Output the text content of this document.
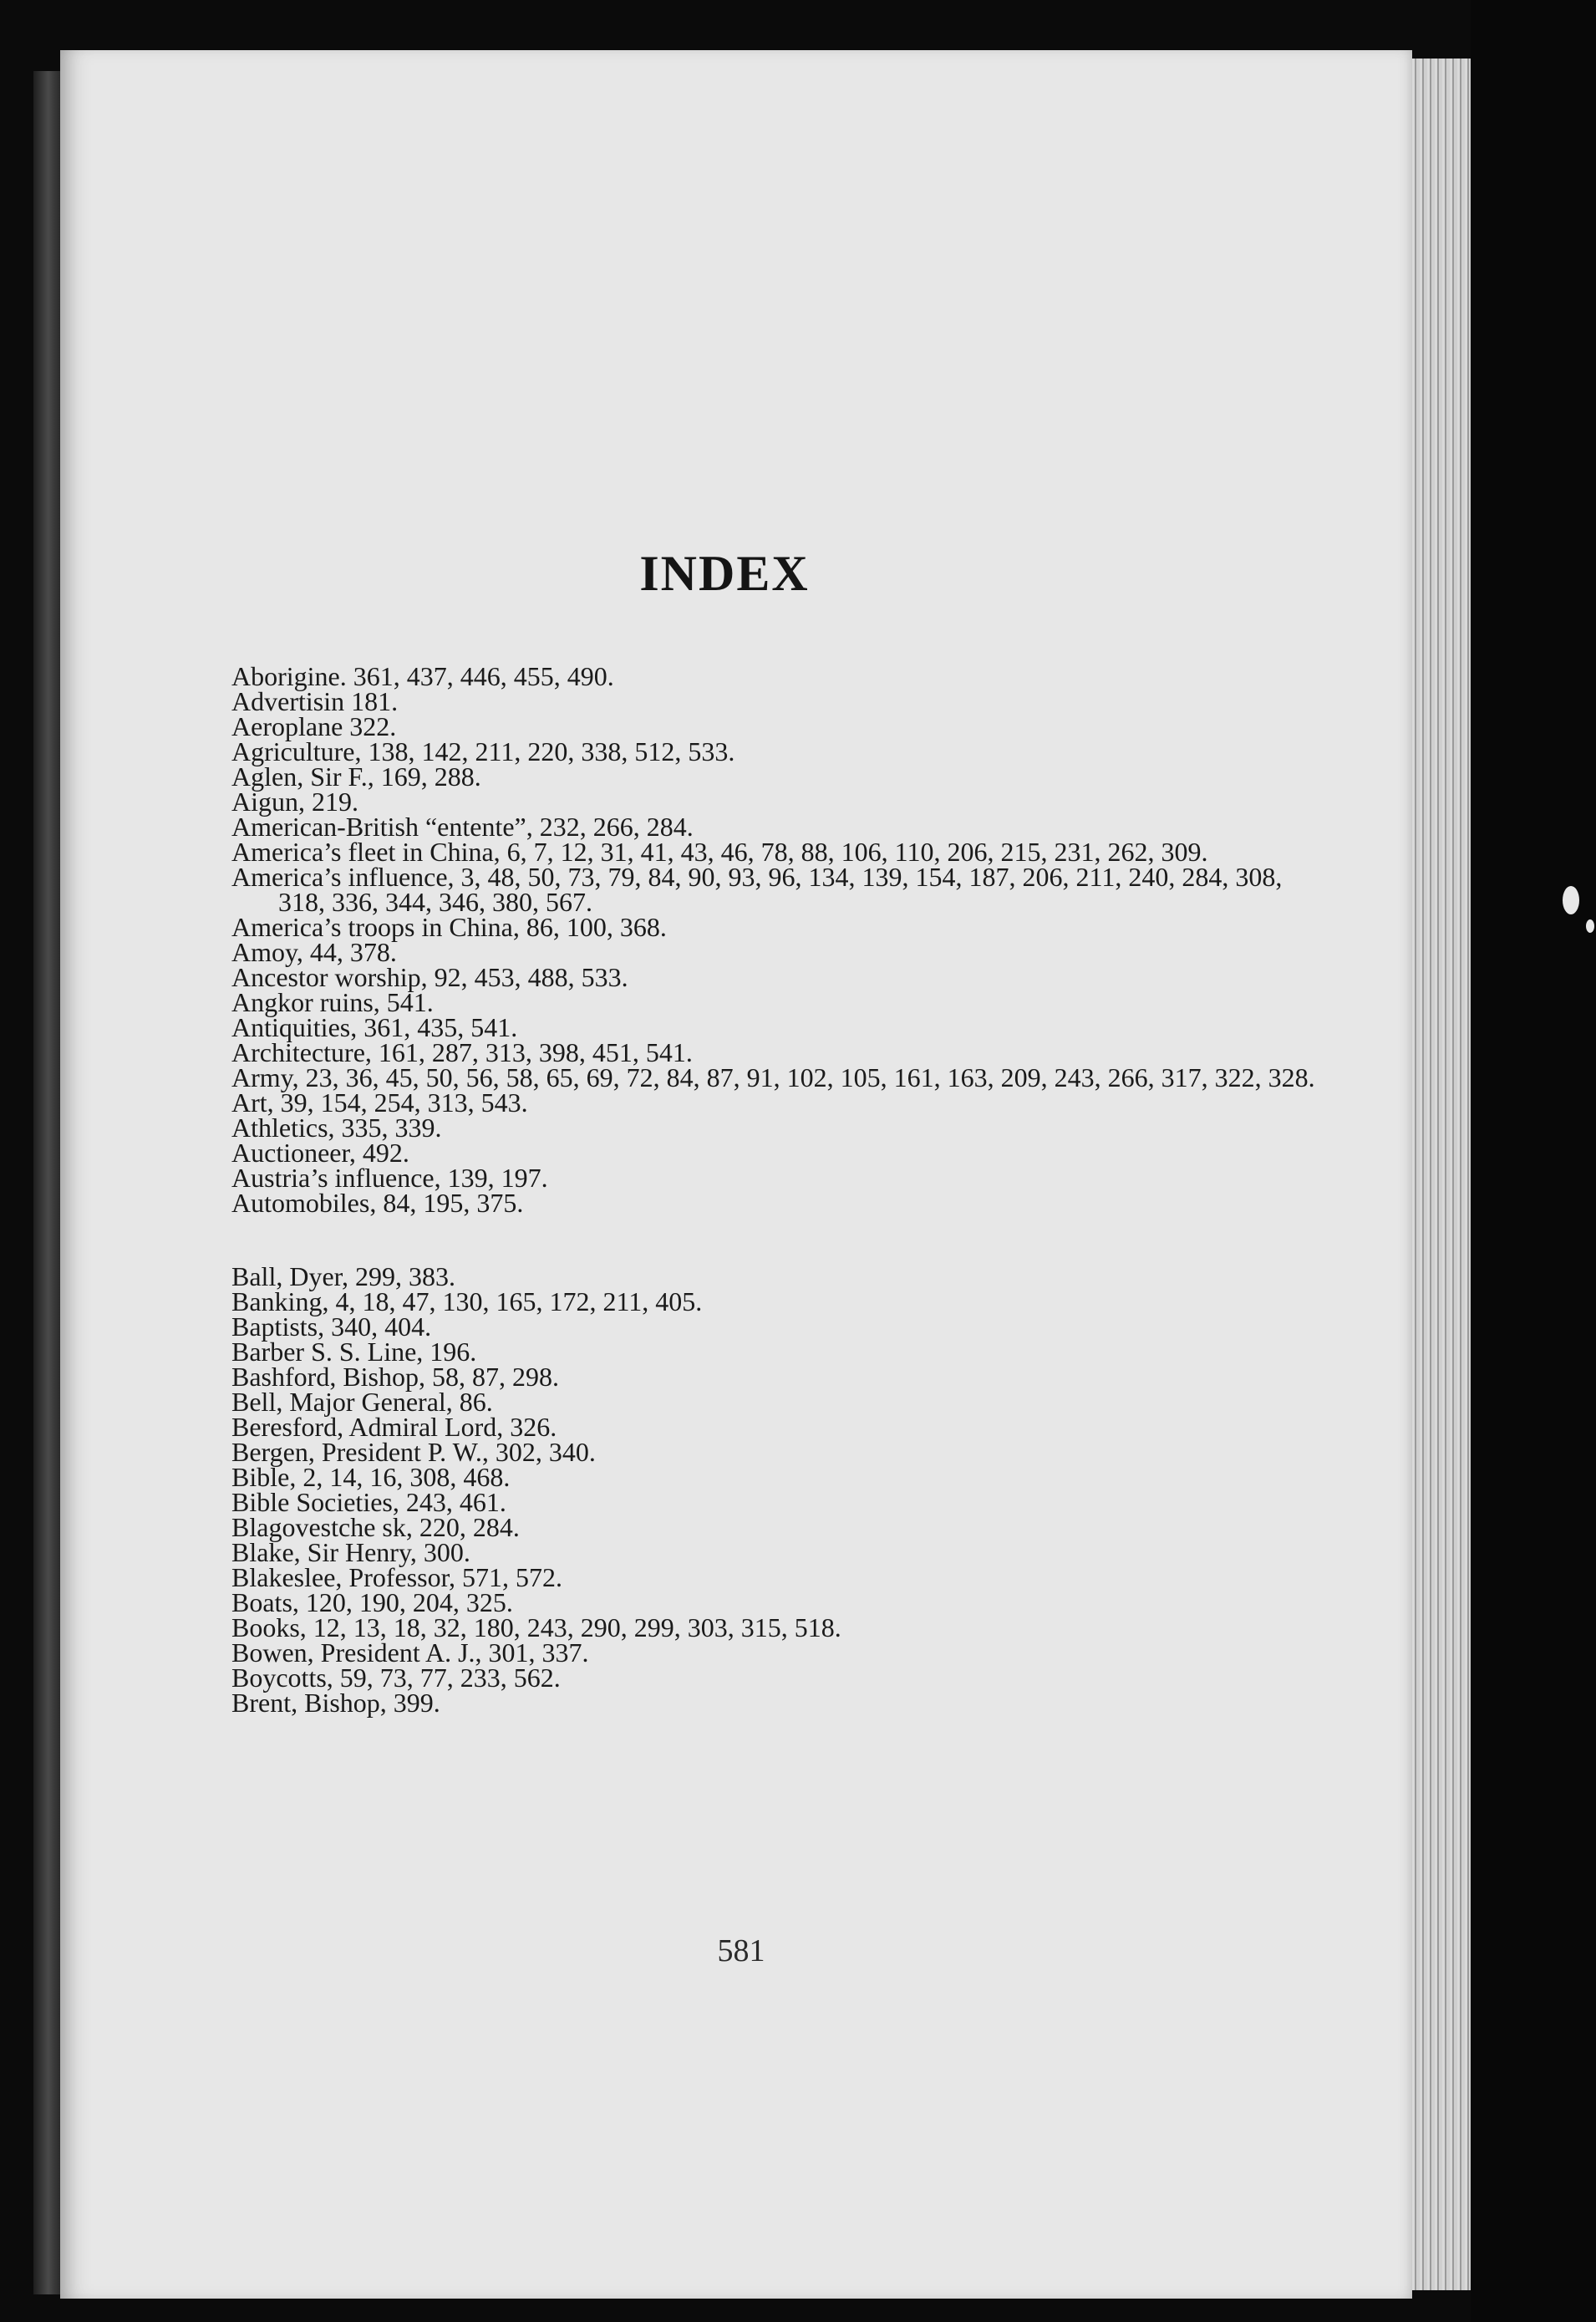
INDEX
Aborigine. 361, 437, 446, 455, 490.
Advertisin 181.
Aeroplane 322.
Agriculture, 138, 142, 211, 220, 338, 512, 533.
Aglen, Sir F., 169, 288.
Aigun, 219.
American-British “entente”, 232, 266, 284.
America’s fleet in China, 6, 7, 12, 31, 41, 43, 46, 78, 88, 106, 110, 206, 215, 231, 262, 309.
America’s influence, 3, 48, 50, 73, 79, 84, 90, 93, 96, 134, 139, 154, 187, 206, 211, 240, 284, 308, 318, 336, 344, 346, 380, 567.
America’s troops in China, 86, 100, 368.
Amoy, 44, 378.
Ancestor worship, 92, 453, 488, 533.
Angkor ruins, 541.
Antiquities, 361, 435, 541.
Architecture, 161, 287, 313, 398, 451, 541.
Army, 23, 36, 45, 50, 56, 58, 65, 69, 72, 84, 87, 91, 102, 105, 161, 163, 209, 243, 266, 317, 322, 328.
Art, 39, 154, 254, 313, 543.
Athletics, 335, 339.
Auctioneer, 492.
Austria’s influence, 139, 197.
Automobiles, 84, 195, 375.
Ball, Dyer, 299, 383.
Banking, 4, 18, 47, 130, 165, 172, 211, 405.
Baptists, 340, 404.
Barber S. S. Line, 196.
Bashford, Bishop, 58, 87, 298.
Bell, Major General, 86.
Beresford, Admiral Lord, 326.
Bergen, President P. W., 302, 340.
Bible, 2, 14, 16, 308, 468.
Bible Societies, 243, 461.
Blagovestche sk, 220, 284.
Blake, Sir Henry, 300.
Blakeslee, Professor, 571, 572.
Boats, 120, 190, 204, 325.
Books, 12, 13, 18, 32, 180, 243, 290, 299, 303, 315, 518.
Bowen, President A. J., 301, 337.
Boycotts, 59, 73, 77, 233, 562.
Brent, Bishop, 399.
581
